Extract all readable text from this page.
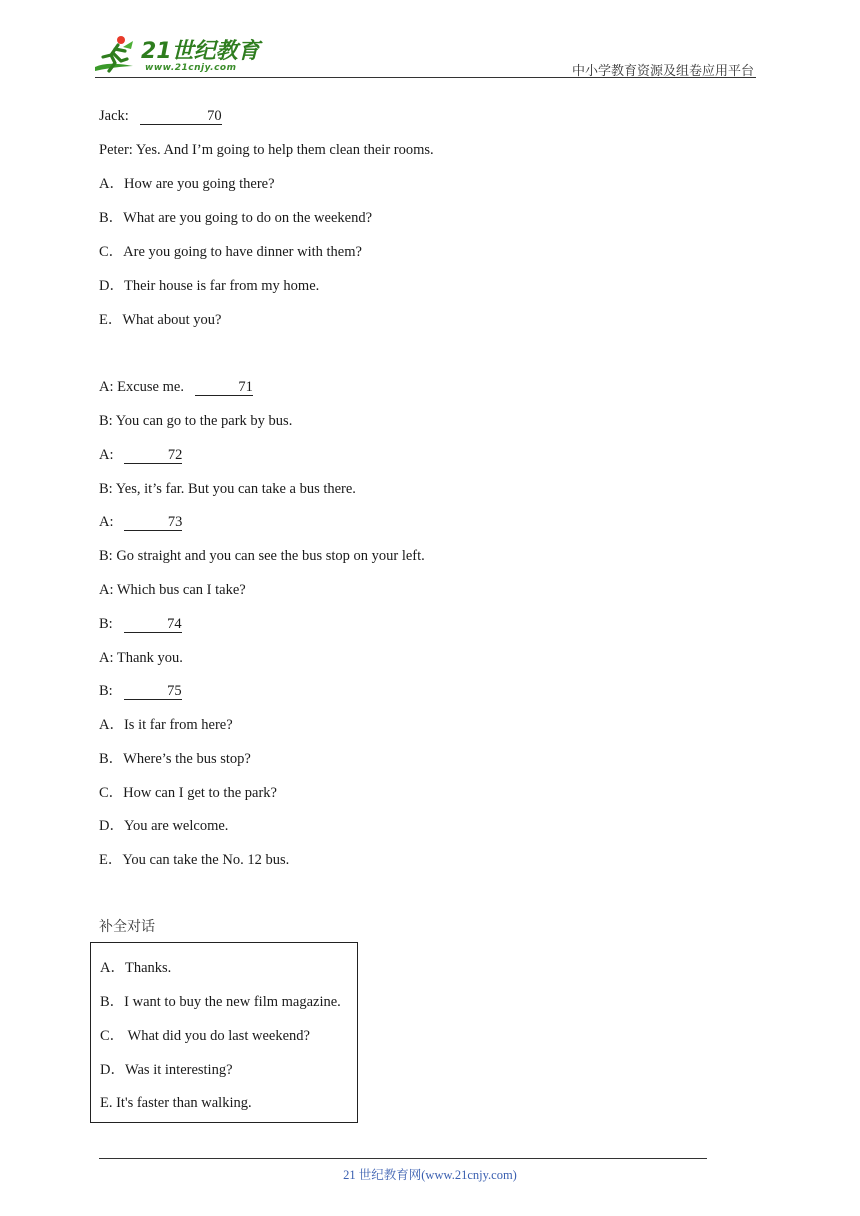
21世纪教育
www.21cnjy.com	中小学教育资源及组卷应用平台
Jack:	70
Peter: Yes. And I’m going to help them clean their rooms.
A．How are you going there?
B．What are you going to do on the weekend?
C．Are you going to have dinner with them?
D．Their house is far from my home.
E．What about you?
A: Excuse me.	71
B: You can go to the park by bus.
A:	72
B: Yes, it’s far. But you can take a bus there.
A:	73
B: Go straight and you can see the bus stop on your left.
A: Which bus can I take?
B:	74
A: Thank you.
B:	75
A．Is it far from here?
B．Where’s the bus stop?
C．How can I get to the park?
D．You are welcome.
E．You can take the No. 12 bus.
补全对话
A．Thanks.
B．I want to buy the new film magazine.
C． What did you do last weekend?
D．Was it interesting?
E. It's faster than walking.
21 世纪教育网(www.21cnjy.com)
